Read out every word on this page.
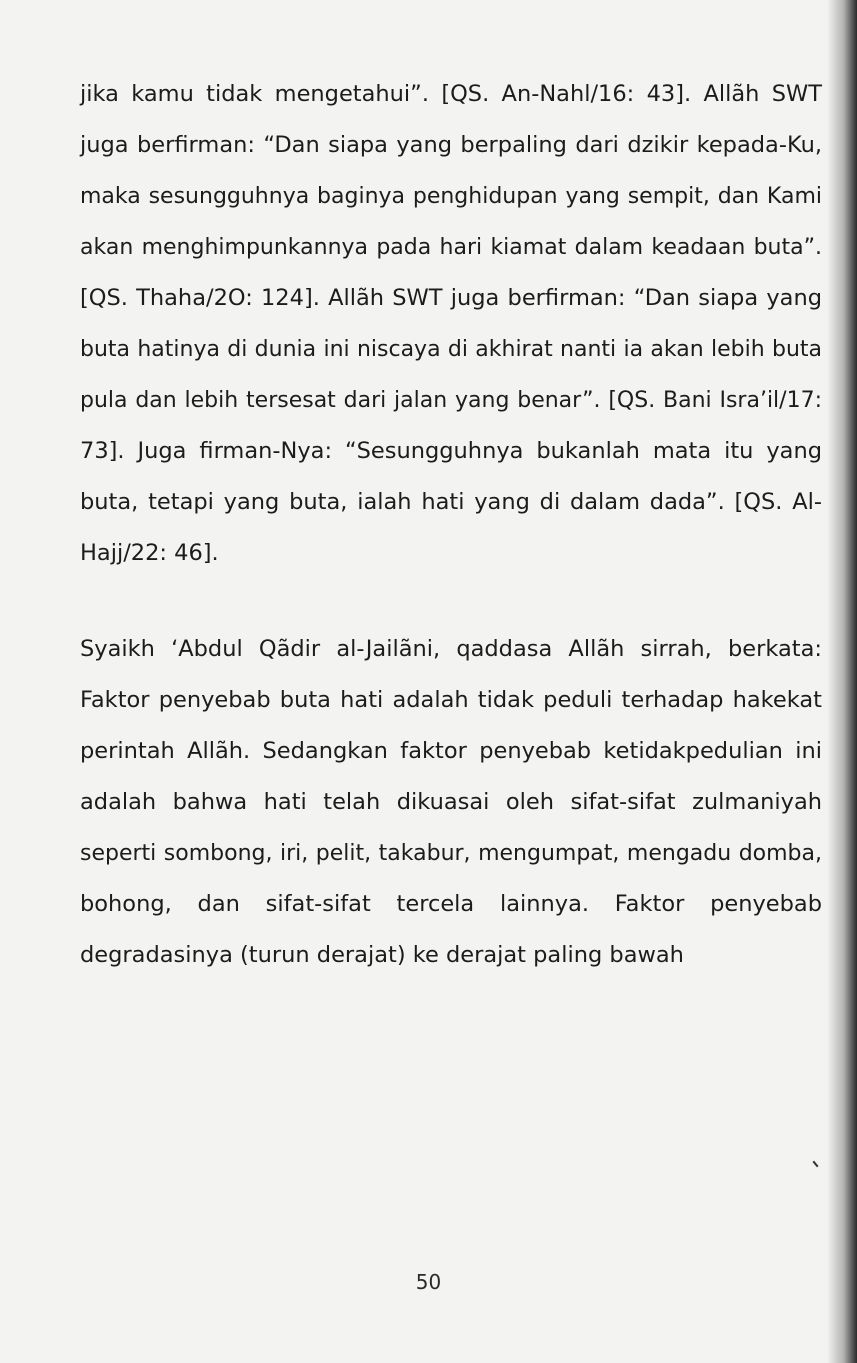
jika kamu tidak mengetahui”. [QS. An-Nahl/16: 43]. Allãh SWT
juga berfirman: “Dan siapa yang berpaling dari dzikir kepada-Ku,
maka sesungguhnya baginya penghidupan yang sempit, dan Kami
akan menghimpunkannya pada hari kiamat dalam keadaan buta”.
[QS. Thaha/2O: 124]. Allãh SWT juga berfirman: “Dan siapa yang
buta hatinya di dunia ini niscaya di akhirat nanti ia akan lebih buta
pula dan lebih tersesat dari jalan yang benar”. [QS. Bani Isra’il/17:
73]. Juga firman-Nya: “Sesungguhnya bukanlah mata itu yang
buta, tetapi yang buta, ialah hati yang di dalam dada”. [QS. Al-
Hajj/22: 46].
Syaikh ‘Abdul Qãdir al-Jailãni, qaddasa Allãh sirrah, berkata:
Faktor penyebab buta hati adalah tidak peduli terhadap hakekat
perintah Allãh. Sedangkan faktor penyebab ketidakpedulian ini
adalah bahwa hati telah dikuasai oleh sifat-sifat zulmaniyah
seperti sombong, iri, pelit, takabur, mengumpat, mengadu domba,
bohong, dan sifat-sifat tercela lainnya. Faktor penyebab
degradasinya (turun derajat) ke derajat paling bawah
50
